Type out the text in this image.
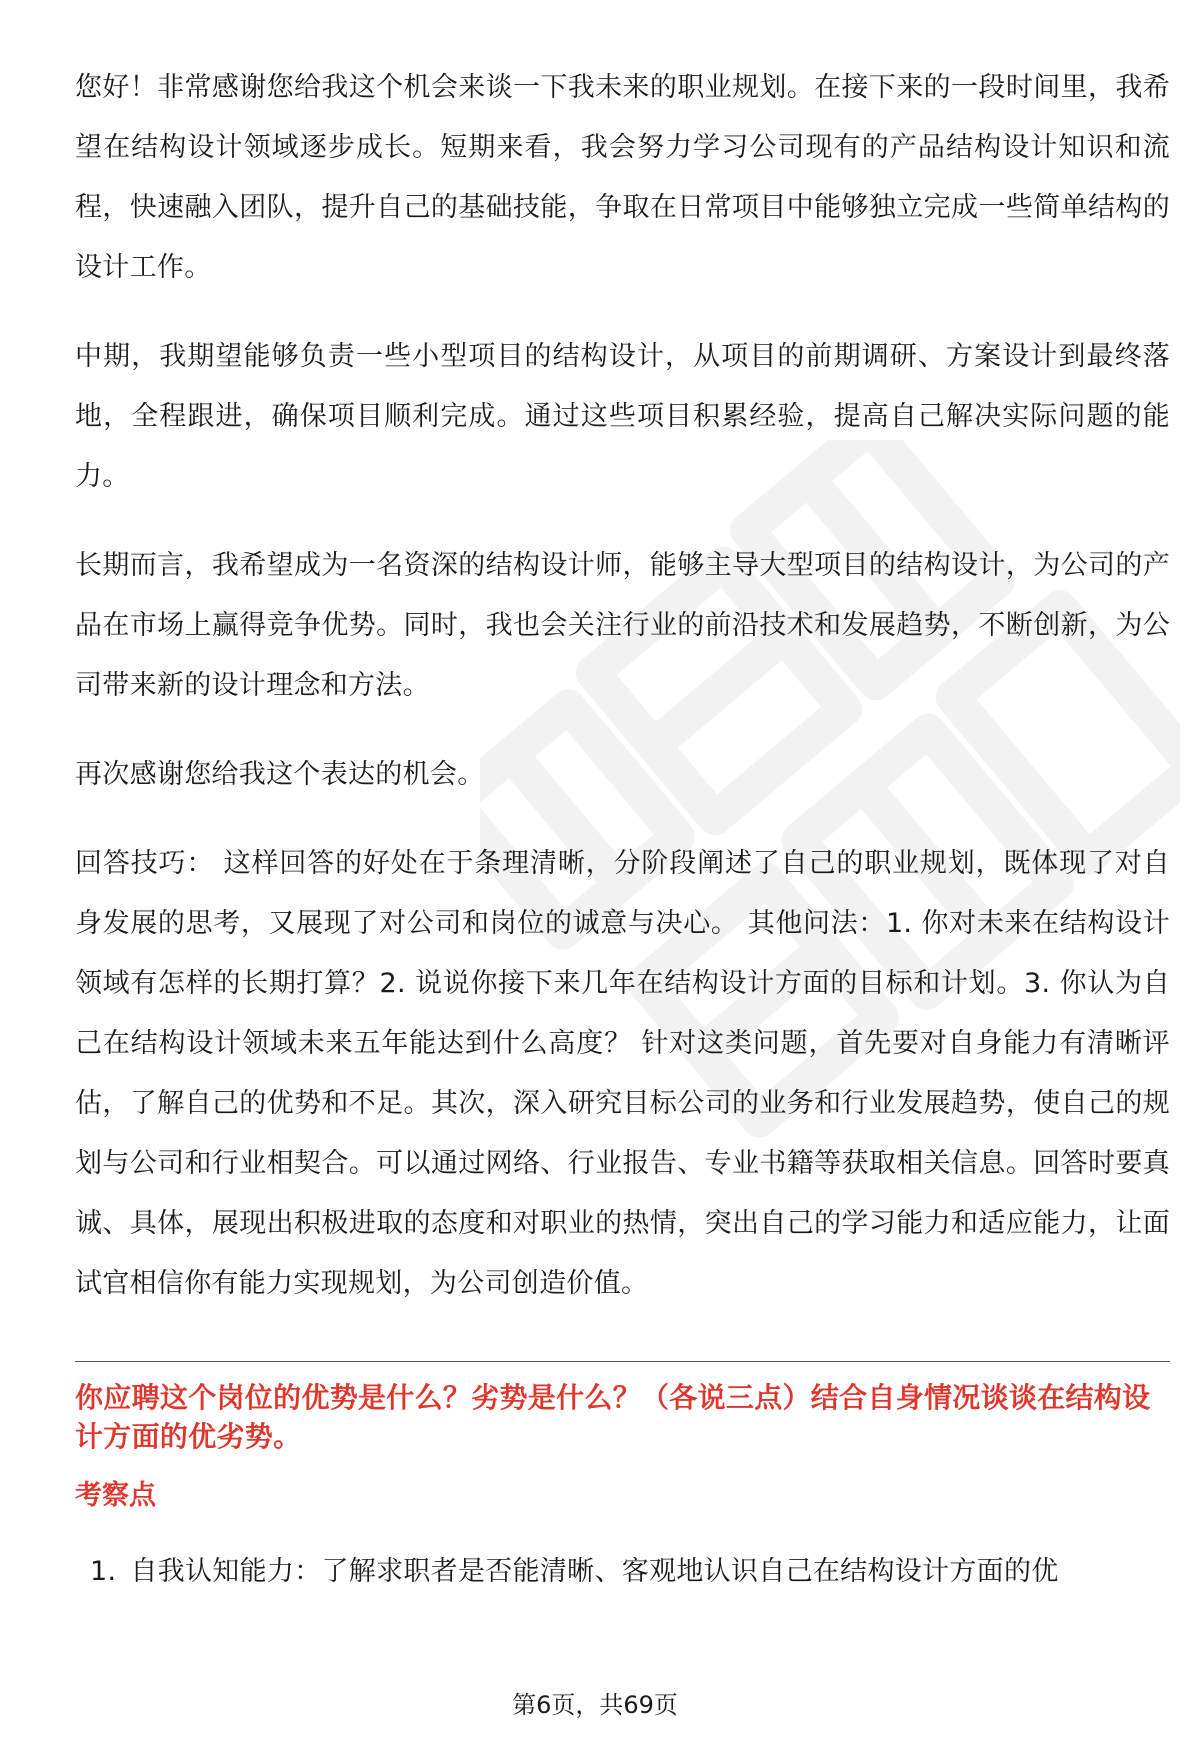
您好！非常感谢您给我这个机会来谈一下我未来的职业规划。在接下来的一段时间里，我希望在结构设计领域逐步成长。短期来看，我会努力学习公司现有的产品结构设计知识和流程，快速融入团队，提升自己的基础技能，争取在日常项目中能够独立完成一些简单结构的设计工作。

中期，我期望能够负责一些小型项目的结构设计，从项目的前期调研、方案设计到最终落地，全程跟进，确保项目顺利完成。通过这些项目积累经验，提高自己解决实际问题的能力。

长期而言，我希望成为一名资深的结构设计师，能够主导大型项目的结构设计，为公司的产品在市场上赢得竞争优势。同时，我也会关注行业的前沿技术和发展趋势，不断创新，为公司带来新的设计理念和方法。

再次感谢您给我这个表达的机会。

回答技巧： 这样回答的好处在于条理清晰，分阶段阐述了自己的职业规划，既体现了对自身发展的思考，又展现了对公司和岗位的诚意与决心。 其他问法：1. 你对未来在结构设计领域有怎样的长期打算？2. 说说你接下来几年在结构设计方面的目标和计划。3. 你认为自己在结构设计领域未来五年能达到什么高度？ 针对这类问题，首先要对自身能力有清晰评估，了解自己的优势和不足。其次，深入研究目标公司的业务和行业发展趋势，使自己的规划与公司和行业相契合。可以通过网络、行业报告、专业书籍等获取相关信息。回答时要真诚、具体，展现出积极进取的态度和对职业的热情，突出自己的学习能力和适应能力，让面试官相信你有能力实现规划，为公司创造价值。

你应聘这个岗位的优势是什么？劣势是什么？（各说三点）结合自身情况谈谈在结构设计方面的优劣势。
考察点
1. 自我认知能力：了解求职者是否能清晰、客观地认识自己在结构设计方面的优
第6页，共69页
